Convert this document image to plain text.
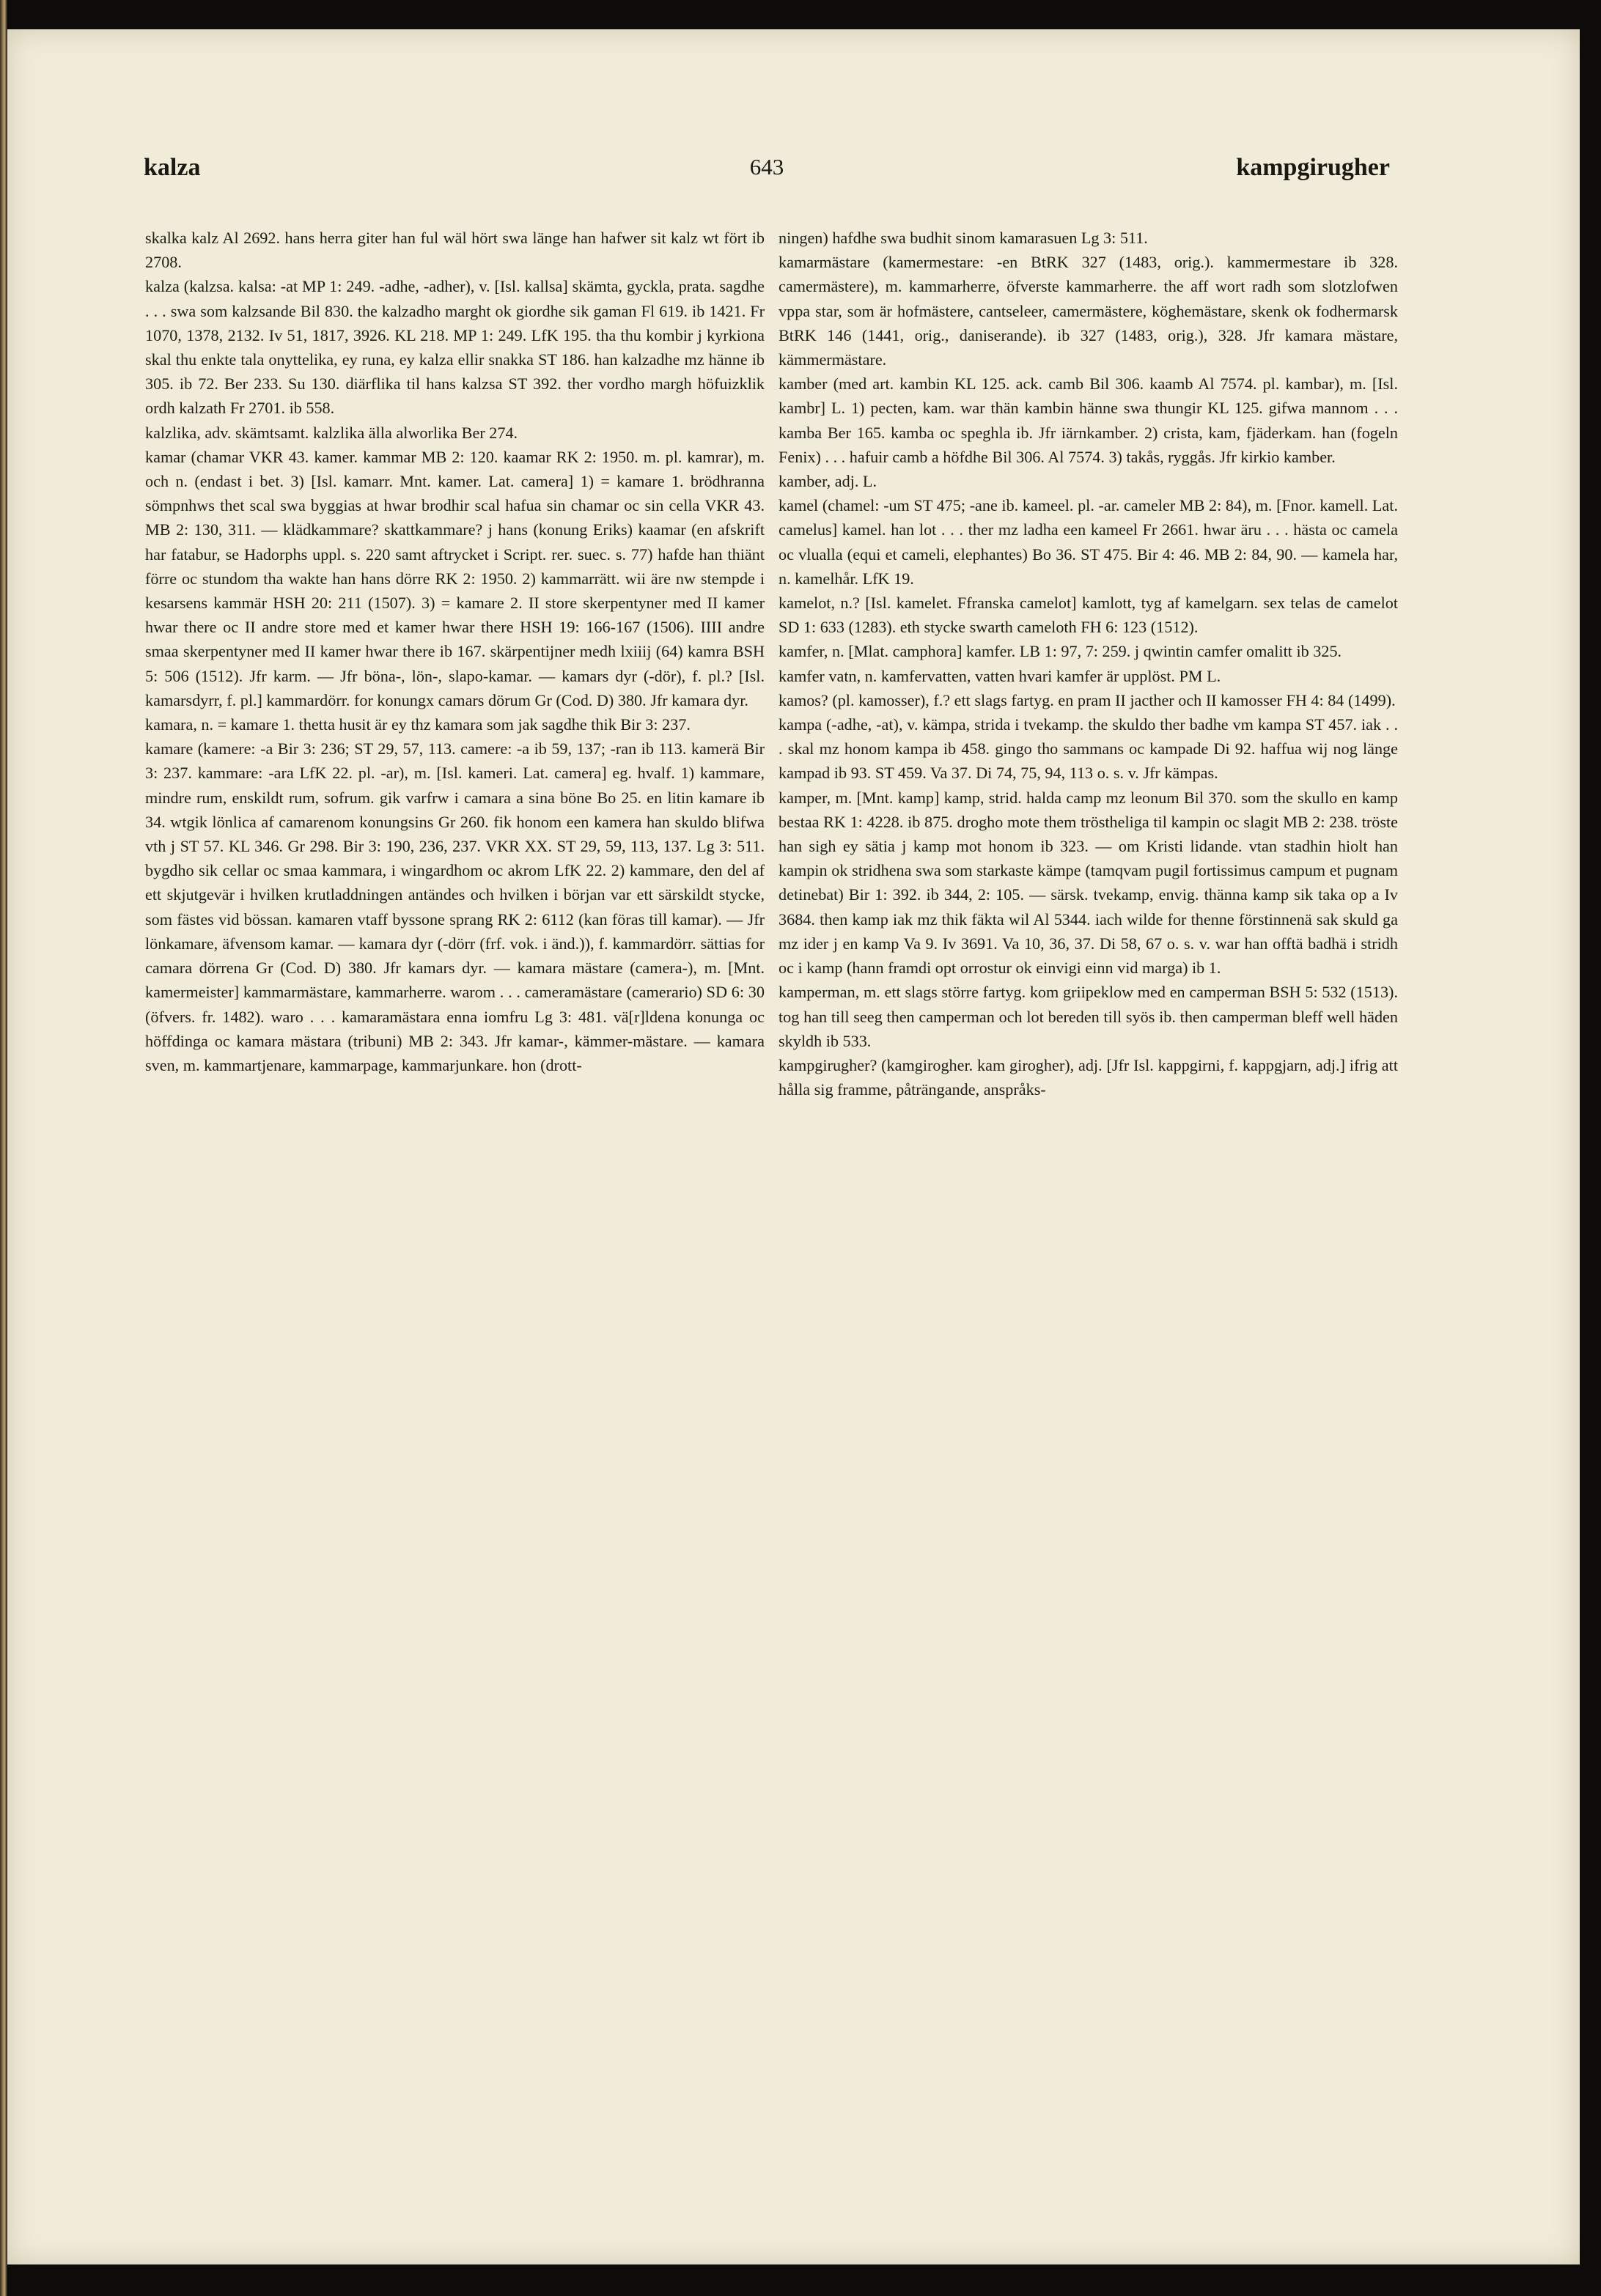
kalza	643	kampgirugher

skalka kalz Al 2692. hans herra giter han ful wäl hört swa länge han hafwer sit kalz wt fört ib 2708.

kalza (kalzsa. kalsa: -at MP 1: 249. -adhe, -adher), v. [Isl. kallsa] skämta, gyckla, prata. sagdhe . . . swa som kalzsande Bil 830. the kalzadho marght ok giordhe sik gaman Fl 619. ib 1421. Fr 1070, 1378, 2132. Iv 51, 1817, 3926. KL 218. MP 1: 249. LfK 195. tha thu kombir j kyrkiona skal thu enkte tala onyttelika, ey runa, ey kalza ellir snakka ST 186. han kalzadhe mz hänne ib 305. ib 72. Ber 233. Su 130. diärflika til hans kalzsa ST 392. ther vordho margh höfuizklik ordh kalzath Fr 2701. ib 558.

kalzlika, adv. skämtsamt. kalzlika älla alworlika Ber 274.

kamar (chamar VKR 43. kamer. kammar MB 2: 120. kaamar RK 2: 1950. m. pl. kamrar), m. och n. (endast i bet. 3) [Isl. kamarr. Mnt. kamer. Lat. camera] 1) = kamare 1. brödhranna sömpnhws thet scal swa byggias at hwar brodhir scal hafua sin chamar oc sin cella VKR 43. MB 2: 130, 311. — klädkammare? skattkammare? j hans (konung Eriks) kaamar (en afskrift har fatabur, se Hadorphs uppl. s. 220 samt aftrycket i Script. rer. suec. s. 77) hafde han thiänt förre oc stundom tha wakte han hans dörre RK 2: 1950. 2) kammarrätt. wii äre nw stempde i kesarsens kammär HSH 20: 211 (1507). 3) = kamare 2. II store skerpentyner med II kamer hwar there oc II andre store med et kamer hwar there HSH 19: 166-167 (1506). IIII andre smaa skerpentyner med II kamer hwar there ib 167. skärpentijner medh lxiiij (64) kamra BSH 5: 506 (1512). Jfr karm. — Jfr böna-, lön-, slapo-kamar. — kamars dyr (-dör), f. pl.? [Isl. kamarsdyrr, f. pl.] kammardörr. for konungx camars dörum Gr (Cod. D) 380. Jfr kamara dyr.

kamara, n. = kamare 1. thetta husit är ey thz kamara som jak sagdhe thik Bir 3: 237.

kamare (kamere: -a Bir 3: 236; ST 29, 57, 113. camere: -a ib 59, 137; -ran ib 113. kamerä Bir 3: 237. kammare: -ara LfK 22. pl. -ar), m. [Isl. kameri. Lat. camera] eg. hvalf. 1) kammare, mindre rum, enskildt rum, sofrum. gik varfrw i camara a sina böne Bo 25. en litin kamare ib 34. wtgik lönlica af camarenom konungsins Gr 260. fik honom een kamera han skuldo blifwa vth j ST 57. KL 346. Gr 298. Bir 3: 190, 236, 237. VKR XX. ST 29, 59, 113, 137. Lg 3: 511. bygdho sik cellar oc smaa kammara, i wingardhom oc akrom LfK 22. 2) kammare, den del af ett skjutgevär i hvilken krutladdningen antändes och hvilken i början var ett särskildt stycke, som fästes vid bössan. kamaren vtaff byssone sprang RK 2: 6112 (kan föras till kamar). — Jfr lönkamare, äfvensom kamar. — kamara dyr (-dörr (frf. vok. i änd.)), f. kammardörr. sättias for camara dörrena Gr (Cod. D) 380. Jfr kamars dyr. — kamara mästare (camera-), m. [Mnt. kamermeister] kammarmästare, kammarherre. warom . . . cameramästare (camerario) SD 6: 30 (öfvers. fr. 1482). waro . . . kamaramästara enna iomfru Lg 3: 481. vä[r]ldena konunga oc höffdinga oc kamara mästara (tribuni) MB 2: 343. Jfr kamar-, kämmer-mästare. — kamara sven, m. kammartjenare, kammarpage, kammarjunkare. hon (drott-

ningen) hafdhe swa budhit sinom kamarasuen Lg 3: 511.

kamarmästare (kamermestare: -en BtRK 327 (1483, orig.). kammermestare ib 328. camermästere), m. kammarherre, öfverste kammarherre. the aff wort radh som slotzlofwen vppa star, som är hofmästere, cantseleer, camermästere, köghemästare, skenk ok fodhermarsk BtRK 146 (1441, orig., daniserande). ib 327 (1483, orig.), 328. Jfr kamara mästare, kämmermästare.

kamber (med art. kambin KL 125. ack. camb Bil 306. kaamb Al 7574. pl. kambar), m. [Isl. kambr] L. 1) pecten, kam. war thän kambin hänne swa thungir KL 125. gifwa mannom . . . kamba Ber 165. kamba oc speghla ib. Jfr iärnkamber. 2) crista, kam, fjäderkam. han (fogeln Fenix) . . . hafuir camb a höfdhe Bil 306. Al 7574. 3) takås, ryggås. Jfr kirkio kamber.

kamber, adj. L.

kamel (chamel: -um ST 475; -ane ib. kameel. pl. -ar. cameler MB 2: 84), m. [Fnor. kamell. Lat. camelus] kamel. han lot . . . ther mz ladha een kameel Fr 2661. hwar äru . . . hästa oc camela oc vlualla (equi et cameli, elephantes) Bo 36. ST 475. Bir 4: 46. MB 2: 84, 90. — kamela har, n. kamelhår. LfK 19.

kamelot, n.? [Isl. kamelet. Ffranska camelot] kamlott, tyg af kamelgarn. sex telas de camelot SD 1: 633 (1283). eth stycke swarth cameloth FH 6: 123 (1512).

kamfer, n. [Mlat. camphora] kamfer. LB 1: 97, 7: 259. j qwintin camfer omalitt ib 325.

kamfer vatn, n. kamfervatten, vatten hvari kamfer är upplöst. PM L.

kamos? (pl. kamosser), f.? ett slags fartyg. en pram II jacther och II kamosser FH 4: 84 (1499).

kampa (-adhe, -at), v. kämpa, strida i tvekamp. the skuldo ther badhe vm kampa ST 457. iak . . . skal mz honom kampa ib 458. gingo tho sammans oc kampade Di 92. haffua wij nog länge kampad ib 93. ST 459. Va 37. Di 74, 75, 94, 113 o. s. v. Jfr kämpas.

kamper, m. [Mnt. kamp] kamp, strid. halda camp mz leonum Bil 370. som the skullo en kamp bestaa RK 1: 4228. ib 875. drogho mote them tröstheliga til kampin oc slagit MB 2: 238. tröste han sigh ey sätia j kamp mot honom ib 323. — om Kristi lidande. vtan stadhin hiolt han kampin ok stridhena swa som starkaste kämpe (tamqvam pugil fortissimus campum et pugnam detinebat) Bir 1: 392. ib 344, 2: 105. — särsk. tvekamp, envig. thänna kamp sik taka op a Iv 3684. then kamp iak mz thik fäkta wil Al 5344. iach wilde for thenne förstinnenä sak skuld ga mz ider j en kamp Va 9. Iv 3691. Va 10, 36, 37. Di 58, 67 o. s. v. war han offtä badhä i stridh oc i kamp (hann framdi opt orrostur ok einvigi einn vid marga) ib 1.

kamperman, m. ett slags större fartyg. kom griipeklow med en camperman BSH 5: 532 (1513). tog han till seeg then camperman och lot bereden till syös ib. then camperman bleff well häden skyldh ib 533.

kampgirugher? (kamgirogher. kam girogher), adj. [Jfr Isl. kappgirni, f. kappgjarn, adj.] ifrig att hålla sig framme, påträngande, anspråks-
